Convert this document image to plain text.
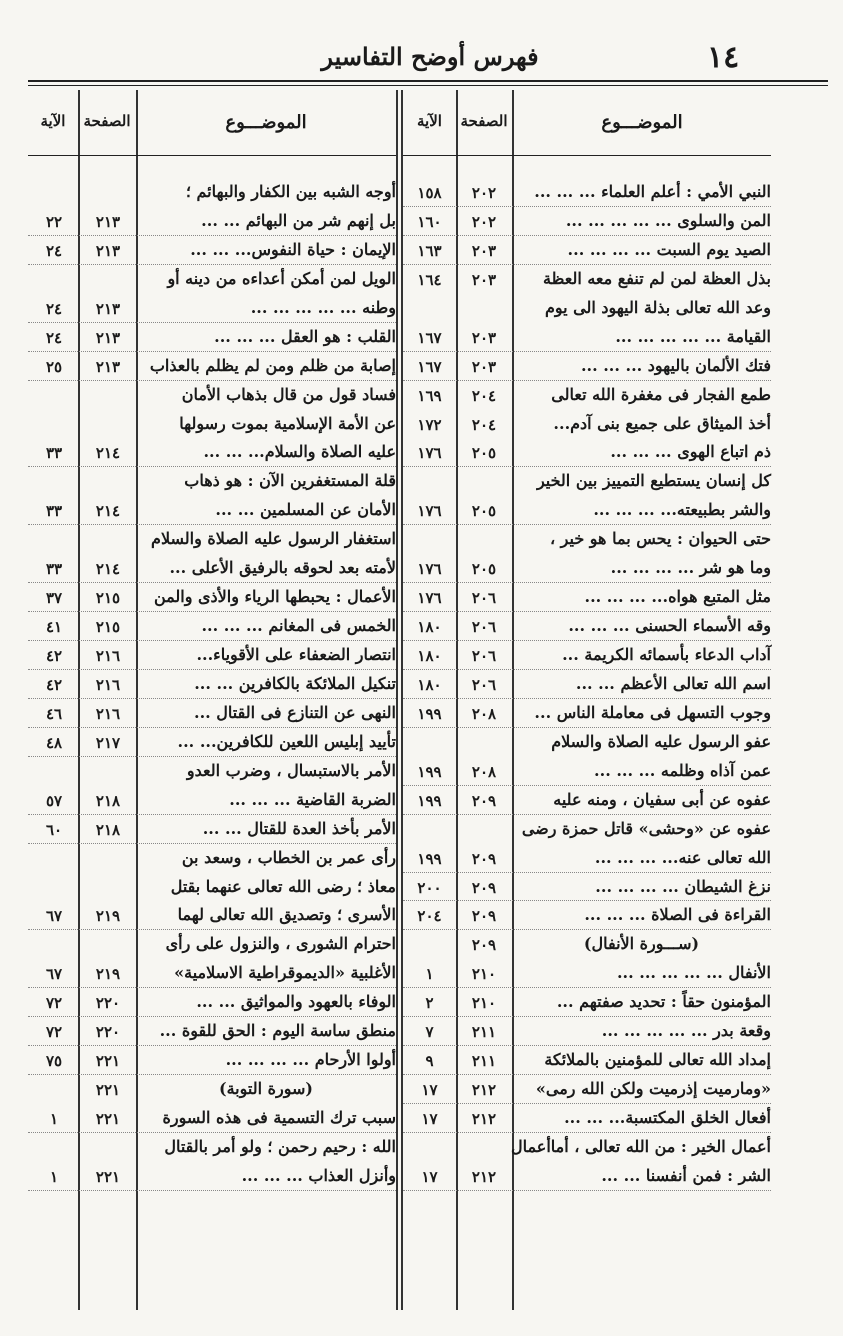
١٤
فهرس أوضح التفاسير
الموضـــوع
الصفحة
الآية
الموضـــوع
الصفحة
الآية
النبي الأمي : أعلم العلماء ... ... ...
٢٠٢
١٥٨
المن والسلوى ... ... ... ... ...
٢٠٢
١٦٠
الصيد يوم السبت ... ... ... ...
٢٠٣
١٦٣
بذل العظة لمن لم تنفع معه العظة
٢٠٣
١٦٤
وعد الله تعالى بذلة اليهود الى يوم
القيامة ... ... ... ... ...
٢٠٣
١٦٧
فتك الألمان باليهود ... ... ...
٢٠٣
١٦٧
طمع الفجار فى مغفرة الله تعالى
٢٠٤
١٦٩
أخذ الميثاق على جميع بنى آدم...
٢٠٤
١٧٢
ذم اتباع الهوى ... ... ...
٢٠٥
١٧٦
كل إنسان يستطيع التمييز بين الخير
والشر بطبيعته... ... ... ...
٢٠٥
١٧٦
حتى الحيوان : يحس بما هو خير ،
وما هو شر ... ... ... ...
٢٠٥
١٧٦
مثل المتبع هواه... ... ... ...
٢٠٦
١٧٦
وقه الأسماء الحسنى ... ... ...
٢٠٦
١٨٠
آداب الدعاء بأسمائه الكريمة ...
٢٠٦
١٨٠
اسم الله تعالى الأعظم ... ...
٢٠٦
١٨٠
وجوب التسهل فى معاملة الناس ...
٢٠٨
١٩٩
عفو الرسول عليه الصلاة والسلام
عمن آذاه وظلمه ... ... ...
٢٠٨
١٩٩
عفوه عن أبى سفيان ، ومنه عليه
٢٠٩
١٩٩
عفوه عن «وحشى» قاتل حمزة رضى
الله تعالى عنه... ... ... ...
٢٠٩
١٩٩
نزغ الشيطان ... ... ... ...
٢٠٩
٢٠٠
القراءة فى الصلاة ... ... ...
٢٠٩
٢٠٤
(ســـورة الأنفال)
٢٠٩
الأنفال ... ... ... ... ...
٢١٠
١
المؤمنون حقاً : تحديد صفتهم ...
٢١٠
٢
وقعة بدر ... ... ... ... ...
٢١١
٧
إمداد الله تعالى للمؤمنين بالملائكة
٢١١
٩
«ومارميت إذرميت ولكن الله رمى»
٢١٢
١٧
أفعال الخلق المكتسبة... ... ...
٢١٢
١٧
أعمال الخير : من الله تعالى ، أماأعمال
الشر : فمن أنفسنا ... ...
٢١٢
١٧
أوجه الشبه بين الكفار والبهائم ؛
بل إنهم شر من البهائم ... ...
٢١٣
٢٢
الإيمان : حياة النفوس... ... ...
٢١٣
٢٤
الويل لمن أمكن أعداءه من دينه أو
وطنه ... ... ... ... ...
٢١٣
٢٤
القلب : هو العقل ... ... ...
٢١٣
٢٤
إصابة من ظلم ومن لم يظلم بالعذاب
٢١٣
٢٥
فساد قول من قال بذهاب الأمان
عن الأمة الإسلامية بموت رسولها
عليه الصلاة والسلام... ... ...
٢١٤
٣٣
قلة المستغفرين الآن : هو ذهاب
الأمان عن المسلمين ... ...
٢١٤
٣٣
استغفار الرسول عليه الصلاة والسلام
لأمته بعد لحوقه بالرفيق الأعلى ...
٢١٤
٣٣
الأعمال : يحبطها الرياء والأذى والمن
٢١٥
٣٧
الخمس فى المغانم ... ... ...
٢١٥
٤١
انتصار الضعفاء على الأقوياء...
٢١٦
٤٢
تنكيل الملائكة بالكافرين ... ...
٢١٦
٤٢
النهى عن التنازع فى القتال ...
٢١٦
٤٦
تأييد إبليس اللعين للكافرين... ...
٢١٧
٤٨
الأمر بالاستبسال ، وضرب العدو
الضربة القاضية ... ... ...
٢١٨
٥٧
الأمر بأخذ العدة للقتال ... ...
٢١٨
٦٠
رأى عمر بن الخطاب ، وسعد بن
معاذ ؛ رضى الله تعالى عنهما بقتل
الأسرى ؛ وتصديق الله تعالى لهما
٢١٩
٦٧
احترام الشورى ، والنزول على رأى
الأغلبية «الديموقراطية الاسلامية»
٢١٩
٦٧
الوفاء بالعهود والمواثيق ... ...
٢٢٠
٧٢
منطق ساسة اليوم : الحق للقوة ...
٢٢٠
٧٢
أولوا الأرحام ... ... ... ...
٢٢١
٧٥
(سورة التوبة)
٢٢١
سبب ترك التسمية فى هذه السورة
٢٢١
١
الله : رحيم رحمن ؛ ولو أمر بالقتال
وأنزل العذاب ... ... ...
٢٢١
١
